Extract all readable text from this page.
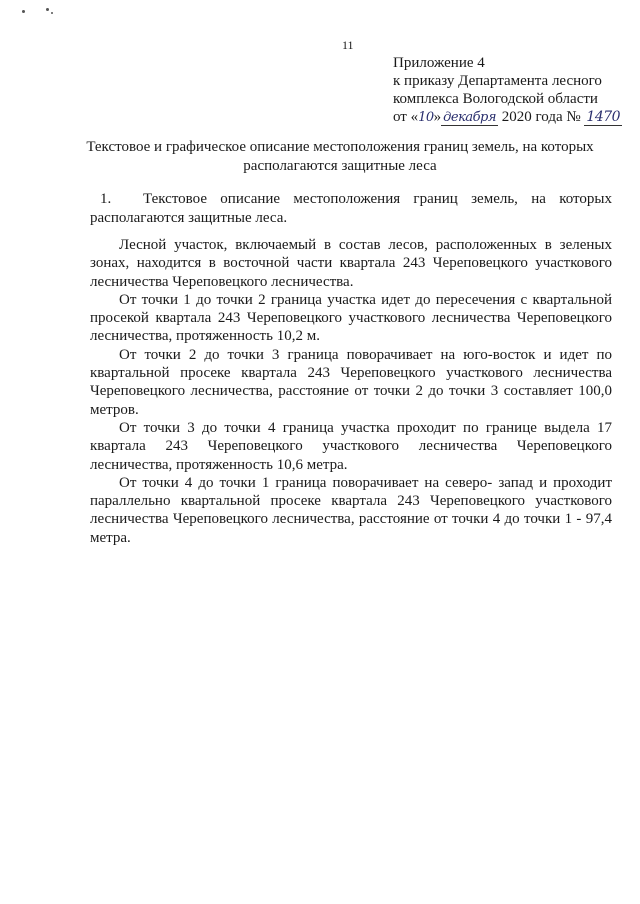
11
Приложение 4
к приказу Департамента лесного
комплекса Вологодской области
от «10» декабря 2020 года № 1470
Текстовое и графическое описание местоположения границ земель, на которых
располагаются защитные леса
1.	Текстовое описание местоположения границ земель, на которых располагаются защитные леса.

Лесной участок, включаемый в состав лесов, расположенных в зеленых зонах, находится в восточной части квартала 243 Череповецкого участкового лесничества Череповецкого лесничества.

От точки 1 до точки 2 граница участка идет до пересечения с квартальной просекой квартала 243 Череповецкого участкового лесничества Череповецкого лесничества, протяженность 10,2 м.

От точки 2 до точки 3 граница поворачивает на юго-восток и идет по квартальной просеке квартала 243 Череповецкого участкового лесничества Череповецкого лесничества, расстояние от точки 2 до точки 3 составляет 100,0 метров.

От точки 3 до точки 4 граница участка проходит по границе выдела 17 квартала 243 Череповецкого участкового лесничества Череповецкого лесничества, протяженность 10,6 метра.

От точки 4 до точки 1 граница поворачивает на северо- запад и проходит параллельно квартальной просеке квартала 243 Череповецкого участкового лесничества Череповецкого лесничества, расстояние от точки 4 до точки 1 - 97,4 метра.
